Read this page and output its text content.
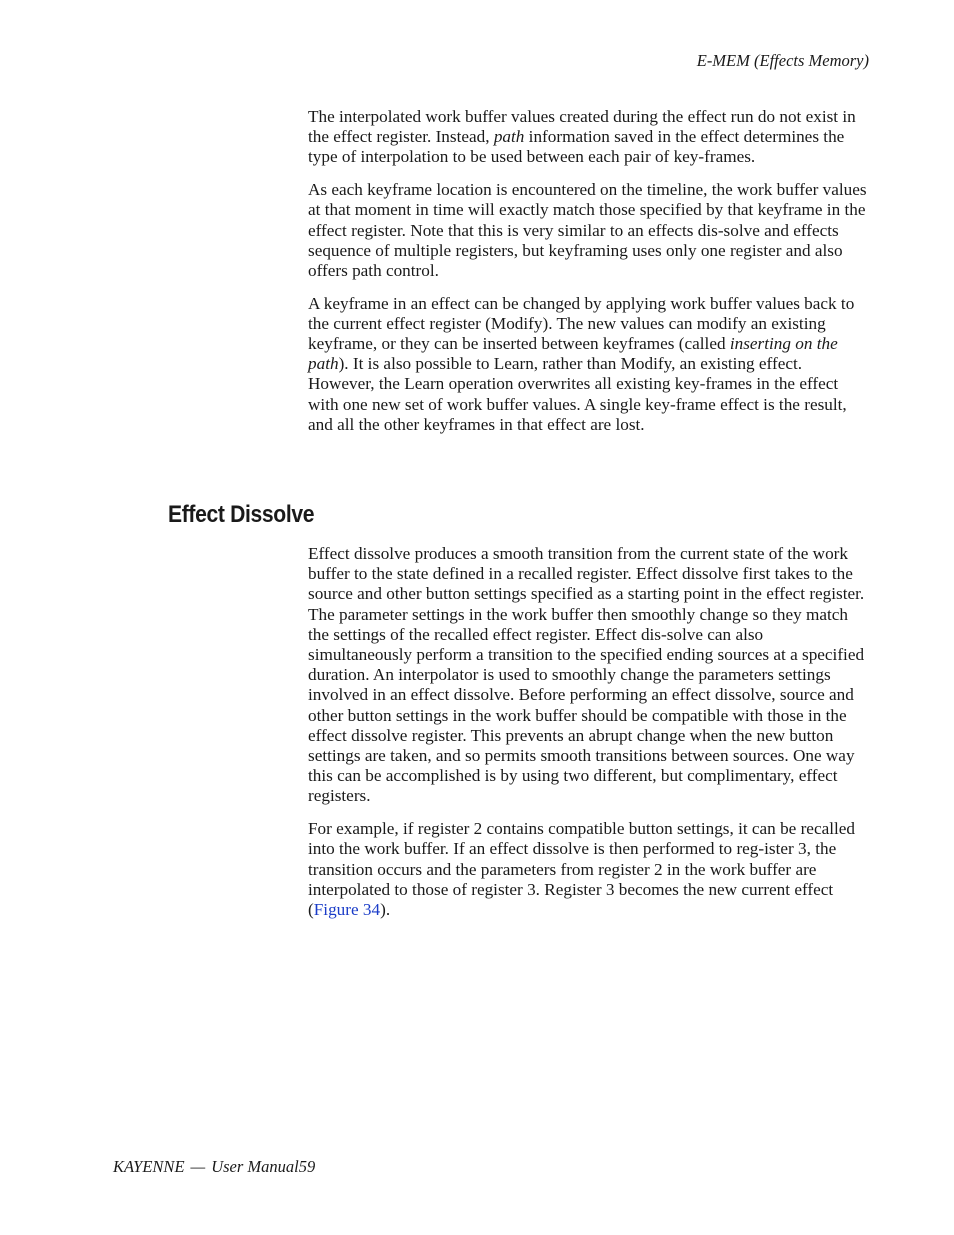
E-MEM (Effects Memory)

The interpolated work buffer values created during the effect run do not exist in the effect register. Instead, path information saved in the effect determines the type of interpolation to be used between each pair of key-frames.

As each keyframe location is encountered on the timeline, the work buffer values at that moment in time will exactly match those specified by that keyframe in the effect register. Note that this is very similar to an effects dis-solve and effects sequence of multiple registers, but keyframing uses only one register and also offers path control.

A keyframe in an effect can be changed by applying work buffer values back to the current effect register (Modify). The new values can modify an existing keyframe, or they can be inserted between keyframes (called inserting on the path). It is also possible to Learn, rather than Modify, an existing effect. However, the Learn operation overwrites all existing key-frames in the effect with one new set of work buffer values. A single key-frame effect is the result, and all the other keyframes in that effect are lost.

Effect Dissolve

Effect dissolve produces a smooth transition from the current state of the work buffer to the state defined in a recalled register. Effect dissolve first takes to the source and other button settings specified as a starting point in the effect register. The parameter settings in the work buffer then smoothly change so they match the settings of the recalled effect register. Effect dis-solve can also simultaneously perform a transition to the specified ending sources at a specified duration. An interpolator is used to smoothly change the parameters settings involved in an effect dissolve. Before performing an effect dissolve, source and other button settings in the work buffer should be compatible with those in the effect dissolve register. This prevents an abrupt change when the new button settings are taken, and so permits smooth transitions between sources. One way this can be accomplished is by using two different, but complimentary, effect registers.

For example, if register 2 contains compatible button settings, it can be recalled into the work buffer. If an effect dissolve is then performed to reg-ister 3, the transition occurs and the parameters from register 2 in the work buffer are interpolated to those of register 3. Register 3 becomes the new current effect (Figure 34).

KAYENNE — User Manual59
